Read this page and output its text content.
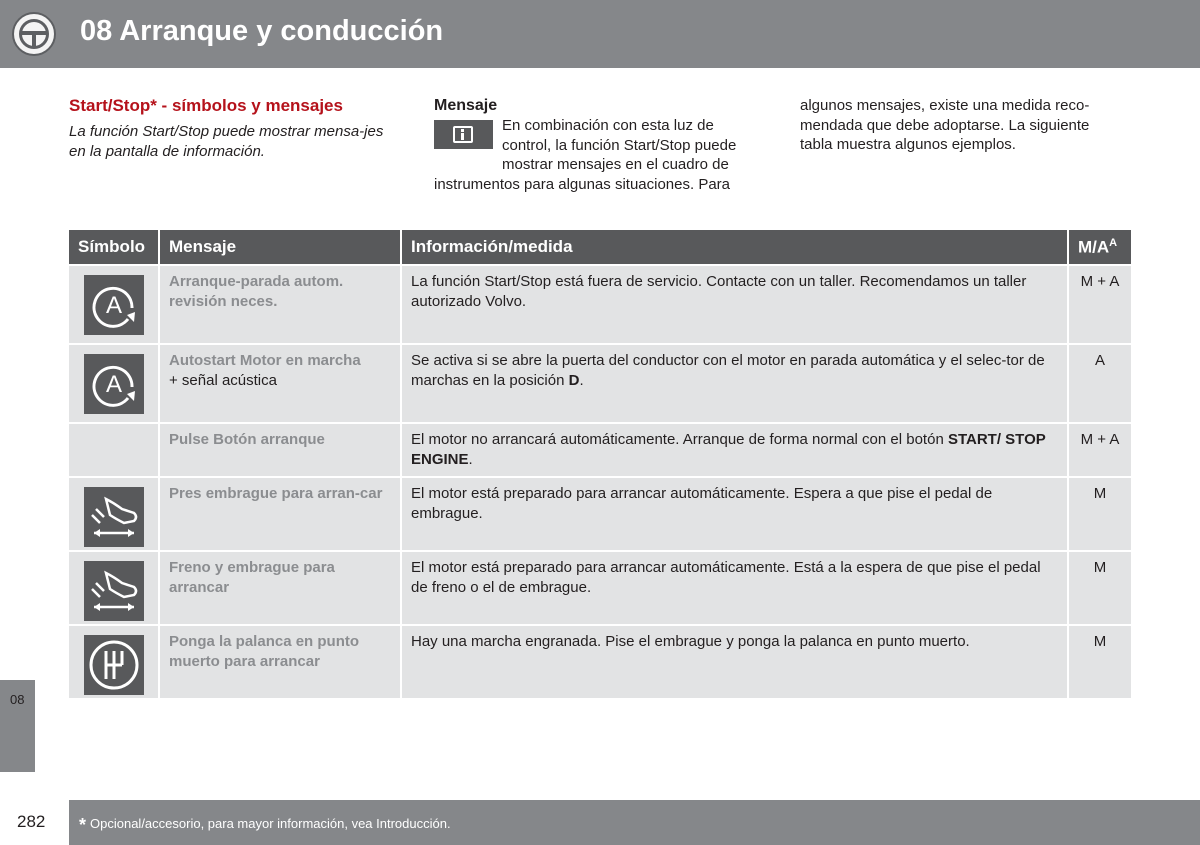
08 Arranque y conducción
08
Start/Stop* - símbolos y mensajes
La función Start/Stop puede mostrar mensa-jes en la pantalla de información.
Mensaje
En combinación con esta luz de
control, la función Start/Stop puede
mostrar mensajes en el cuadro de
instrumentos para algunas situaciones. Para
algunos mensajes, existe una medida reco-
mendada que debe adoptarse. La siguiente
tabla muestra algunos ejemplos.
Símbolo	Mensaje	Información/medida	$M/A^A$

A	Arranque-parada autom. revisión neces.	La función Start/Stop está fuera de servicio. Contacte con un taller. Recomendamos un taller autorizado Volvo.	M + A

A	Autostart Motor en marcha
+ señal acústica	Se activa si se abre la puerta del conductor con el motor en parada automática y el selec-tor de marchas en la posición D.	A
	Pulse Botón arranque	El motor no arrancará automáticamente. Arranque de forma normal con el botón START/ STOP ENGINE.	M + A

	Pres embrague para arran-car	El motor está preparado para arrancar automáticamente. Espera a que pise el pedal de embrague.	M

	Freno y embrague para arrancar	El motor está preparado para arrancar automáticamente. Está a la espera de que pise el pedal de freno o el de embrague.	M

	Ponga la palanca en punto muerto para arrancar	Hay una marcha engranada. Pise el embrague y ponga la palanca en punto muerto.	M
282 * Opcional/accesorio, para mayor información, vea Introducción.
